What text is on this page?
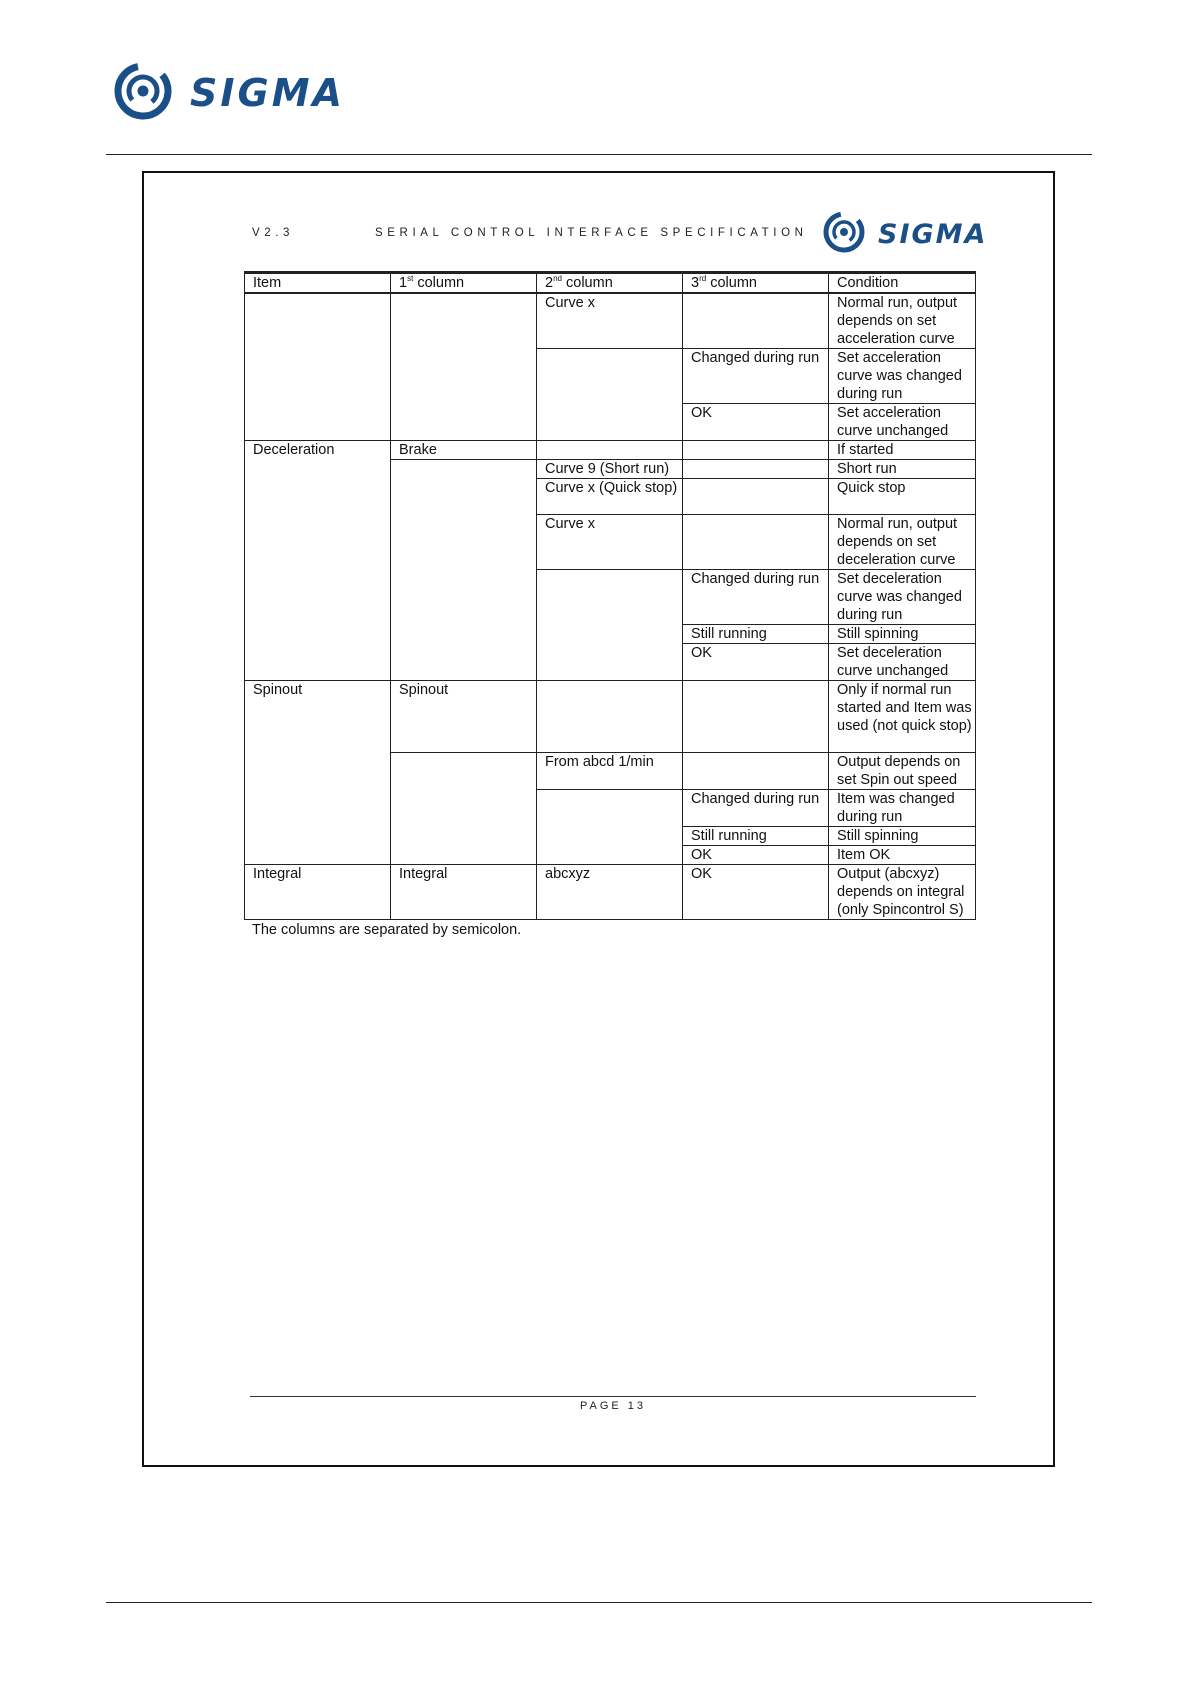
SIGMA
V2.3	SERIAL CONTROL INTERFACE SPECIFICATION	SIGMA
Item	1st column	2nd column	3rd column	Condition
		Curve x		Normal run, output depends on set acceleration curve
			Changed during run	Set acceleration curve was changed during run
			OK	Set acceleration curve unchanged
Deceleration	Brake			If started
		Curve 9 (Short run)		Short run
		Curve x (Quick stop)		Quick stop
		Curve x		Normal run, output depends on set deceleration curve
			Changed during run	Set deceleration curve was changed during run
			Still running	Still spinning
			OK	Set deceleration curve unchanged
Spinout	Spinout			Only if normal run started and Item was used (not quick stop)
		From abcd 1/min		Output depends on set Spin out speed
			Changed during run	Item was changed during run
			Still running	Still spinning
			OK	Item OK
Integral	Integral	abcxyz	OK	Output (abcxyz) depends on integral (only Spincontrol S)
The columns are separated by semicolon.
PAGE 13
